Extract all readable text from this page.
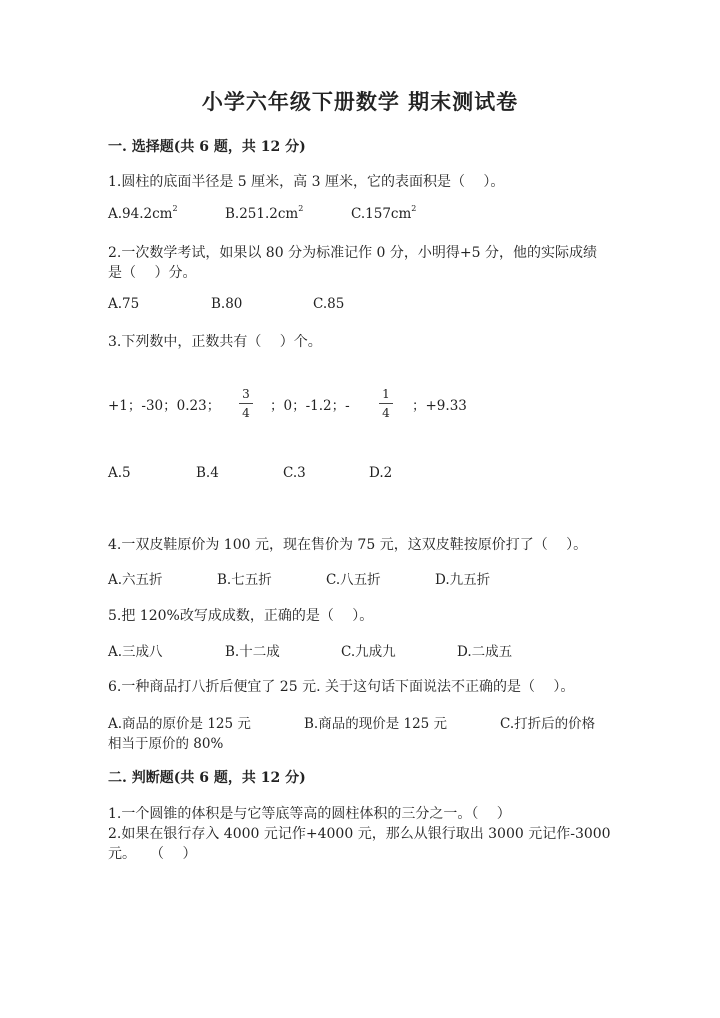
小学六年级下册数学 期末测试卷
一. 选择题(共 6 题，共 12 分)
1.圆柱的底面半径是 5 厘米，高 3 厘米，它的表面积是（　 ）。
$A.94.2cm^2$	$B.251.2cm^2$	$C.157cm^2$
2.一次数学考试，如果以 80 分为标准记作 0 分，小明得+5 分，他的实际成绩
是（　 ）分。
A.75	B.80	C.85
3.下列数中，正数共有（　 ）个。
+1；-30；0.23；
3
4 ；0；-1.2；-
1
4 ；+9.33
A.5	B.4	C.3	D.2
4.一双皮鞋原价为 100 元，现在售价为 75 元，这双皮鞋按原价打了（　 ）。
A.六五折	B.七五折	C.八五折	D.九五折
5.把 120%改写成成数，正确的是（　 ）。
A.三成八	B.十二成	C.九成九	D.二成五
6.一种商品打八折后便宜了 25 元. 关于这句话下面说法不正确的是（　 ）。
A.商品的原价是 125 元	B.商品的现价是 125 元	C.打折后的价格
相当于原价的 80%
二. 判断题(共 6 题，共 12 分)
1.一个圆锥的体积是与它等底等高的圆柱体积的三分之一。（　 ）
2.如果在银行存入 4000 元记作+4000 元，那么从银行取出 3000 元记作-3000
元。　　（　 ）
